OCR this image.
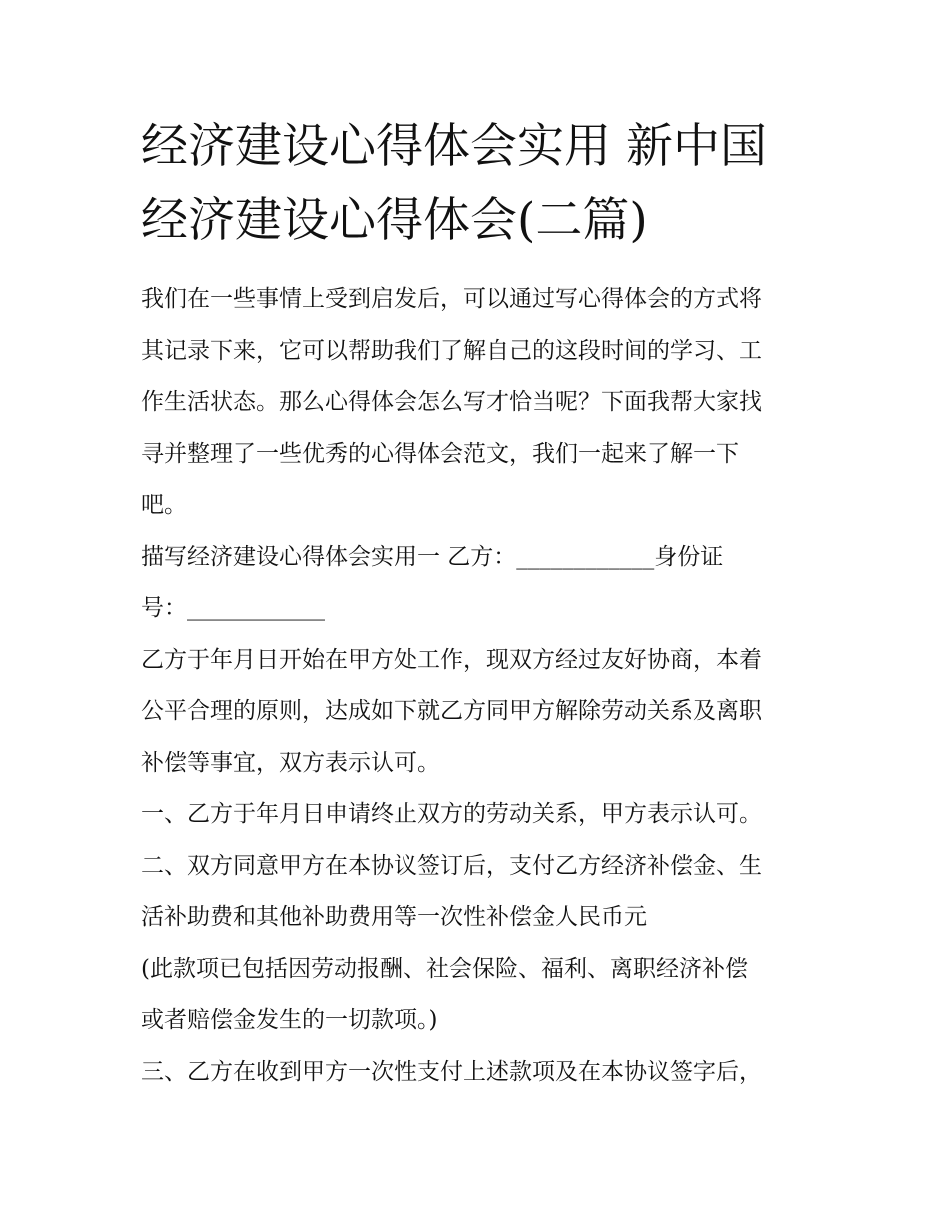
经济建设心得体会实用 新中国
经济建设心得体会(二篇)

我们在一些事情上受到启发后，可以通过写心得体会的方式将
其记录下来，它可以帮助我们了解自己的这段时间的学习、工
作生活状态。那么心得体会怎么写才恰当呢？下面我帮大家找
寻并整理了一些优秀的心得体会范文，我们一起来了解一下
吧。

描写经济建设心得体会实用一 乙方：____________身份证
号：____________

乙方于年月日开始在甲方处工作，现双方经过友好协商，本着
公平合理的原则，达成如下就乙方同甲方解除劳动关系及离职
补偿等事宜，双方表示认可。

一、乙方于年月日申请终止双方的劳动关系，甲方表示认可。

二、双方同意甲方在本协议签订后，支付乙方经济补偿金、生
活补助费和其他补助费用等一次性补偿金人民币元

(此款项已包括因劳动报酬、社会保险、福利、离职经济补偿
或者赔偿金发生的一切款项。)

三、乙方在收到甲方一次性支付上述款项及在本协议签字后，
